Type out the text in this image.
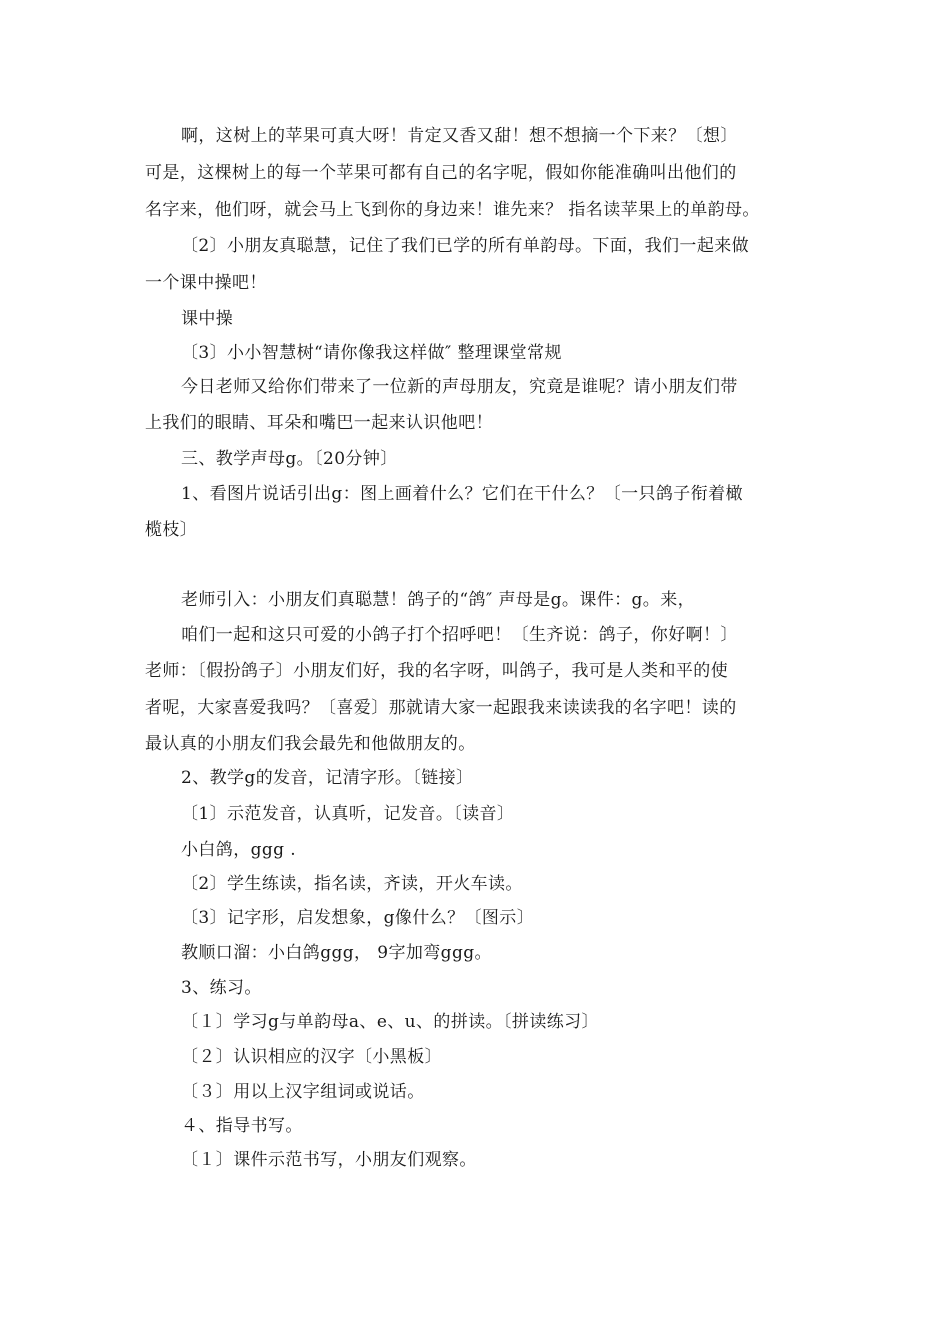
啊，这树上的苹果可真大呀！肯定又香又甜！想不想摘一个下来？〔想〕

可是，这棵树上的每一个苹果可都有自己的名字呢，假如你能准确叫出他们的

名字来，他们呀，就会马上飞到你的身边来！谁先来？ 指名读苹果上的单韵母。

〔2〕小朋友真聪慧，记住了我们已学的所有单韵母。下面，我们一起来做

一个课中操吧！

课中操

〔3〕小小智慧树“请你像我这样做″ 整理课堂常规

今日老师又给你们带来了一位新的声母朋友，究竟是谁呢？请小朋友们带

上我们的眼睛、耳朵和嘴巴一起来认识他吧！

三、教学声母g。〔20分钟〕

1、看图片说话引出g：图上画着什么？它们在干什么？〔一只鸽子衔着橄

榄枝〕

老师引入：小朋友们真聪慧！鸽子的“鸽″ 声母是g。课件：g。来，

咱们一起和这只可爱的小鸽子打个招呼吧！〔生齐说：鸽子，你好啊！〕

老师：〔假扮鸽子〕小朋友们好，我的名字呀，叫鸽子，我可是人类和平的使

者呢，大家喜爱我吗？〔喜爱〕那就请大家一起跟我来读读我的名字吧！读的

最认真的小朋友们我会最先和他做朋友的。

2、教学g的发音，记清字形。〔链接〕

〔1〕示范发音，认真听，记发音。〔读音〕

小白鸽，ggg .

〔2〕学生练读，指名读，齐读，开火车读。

〔3〕记字形，启发想象，g像什么？〔图示〕

教顺口溜：小白鸽ggg， 9字加弯ggg。

3、练习。

〔１〕学习g与单韵母a、e、u、的拼读。〔拼读练习〕

〔２〕认识相应的汉字〔小黑板〕

〔３〕用以上汉字组词或说话。

４、指导书写。

〔１〕课件示范书写，小朋友们观察。
